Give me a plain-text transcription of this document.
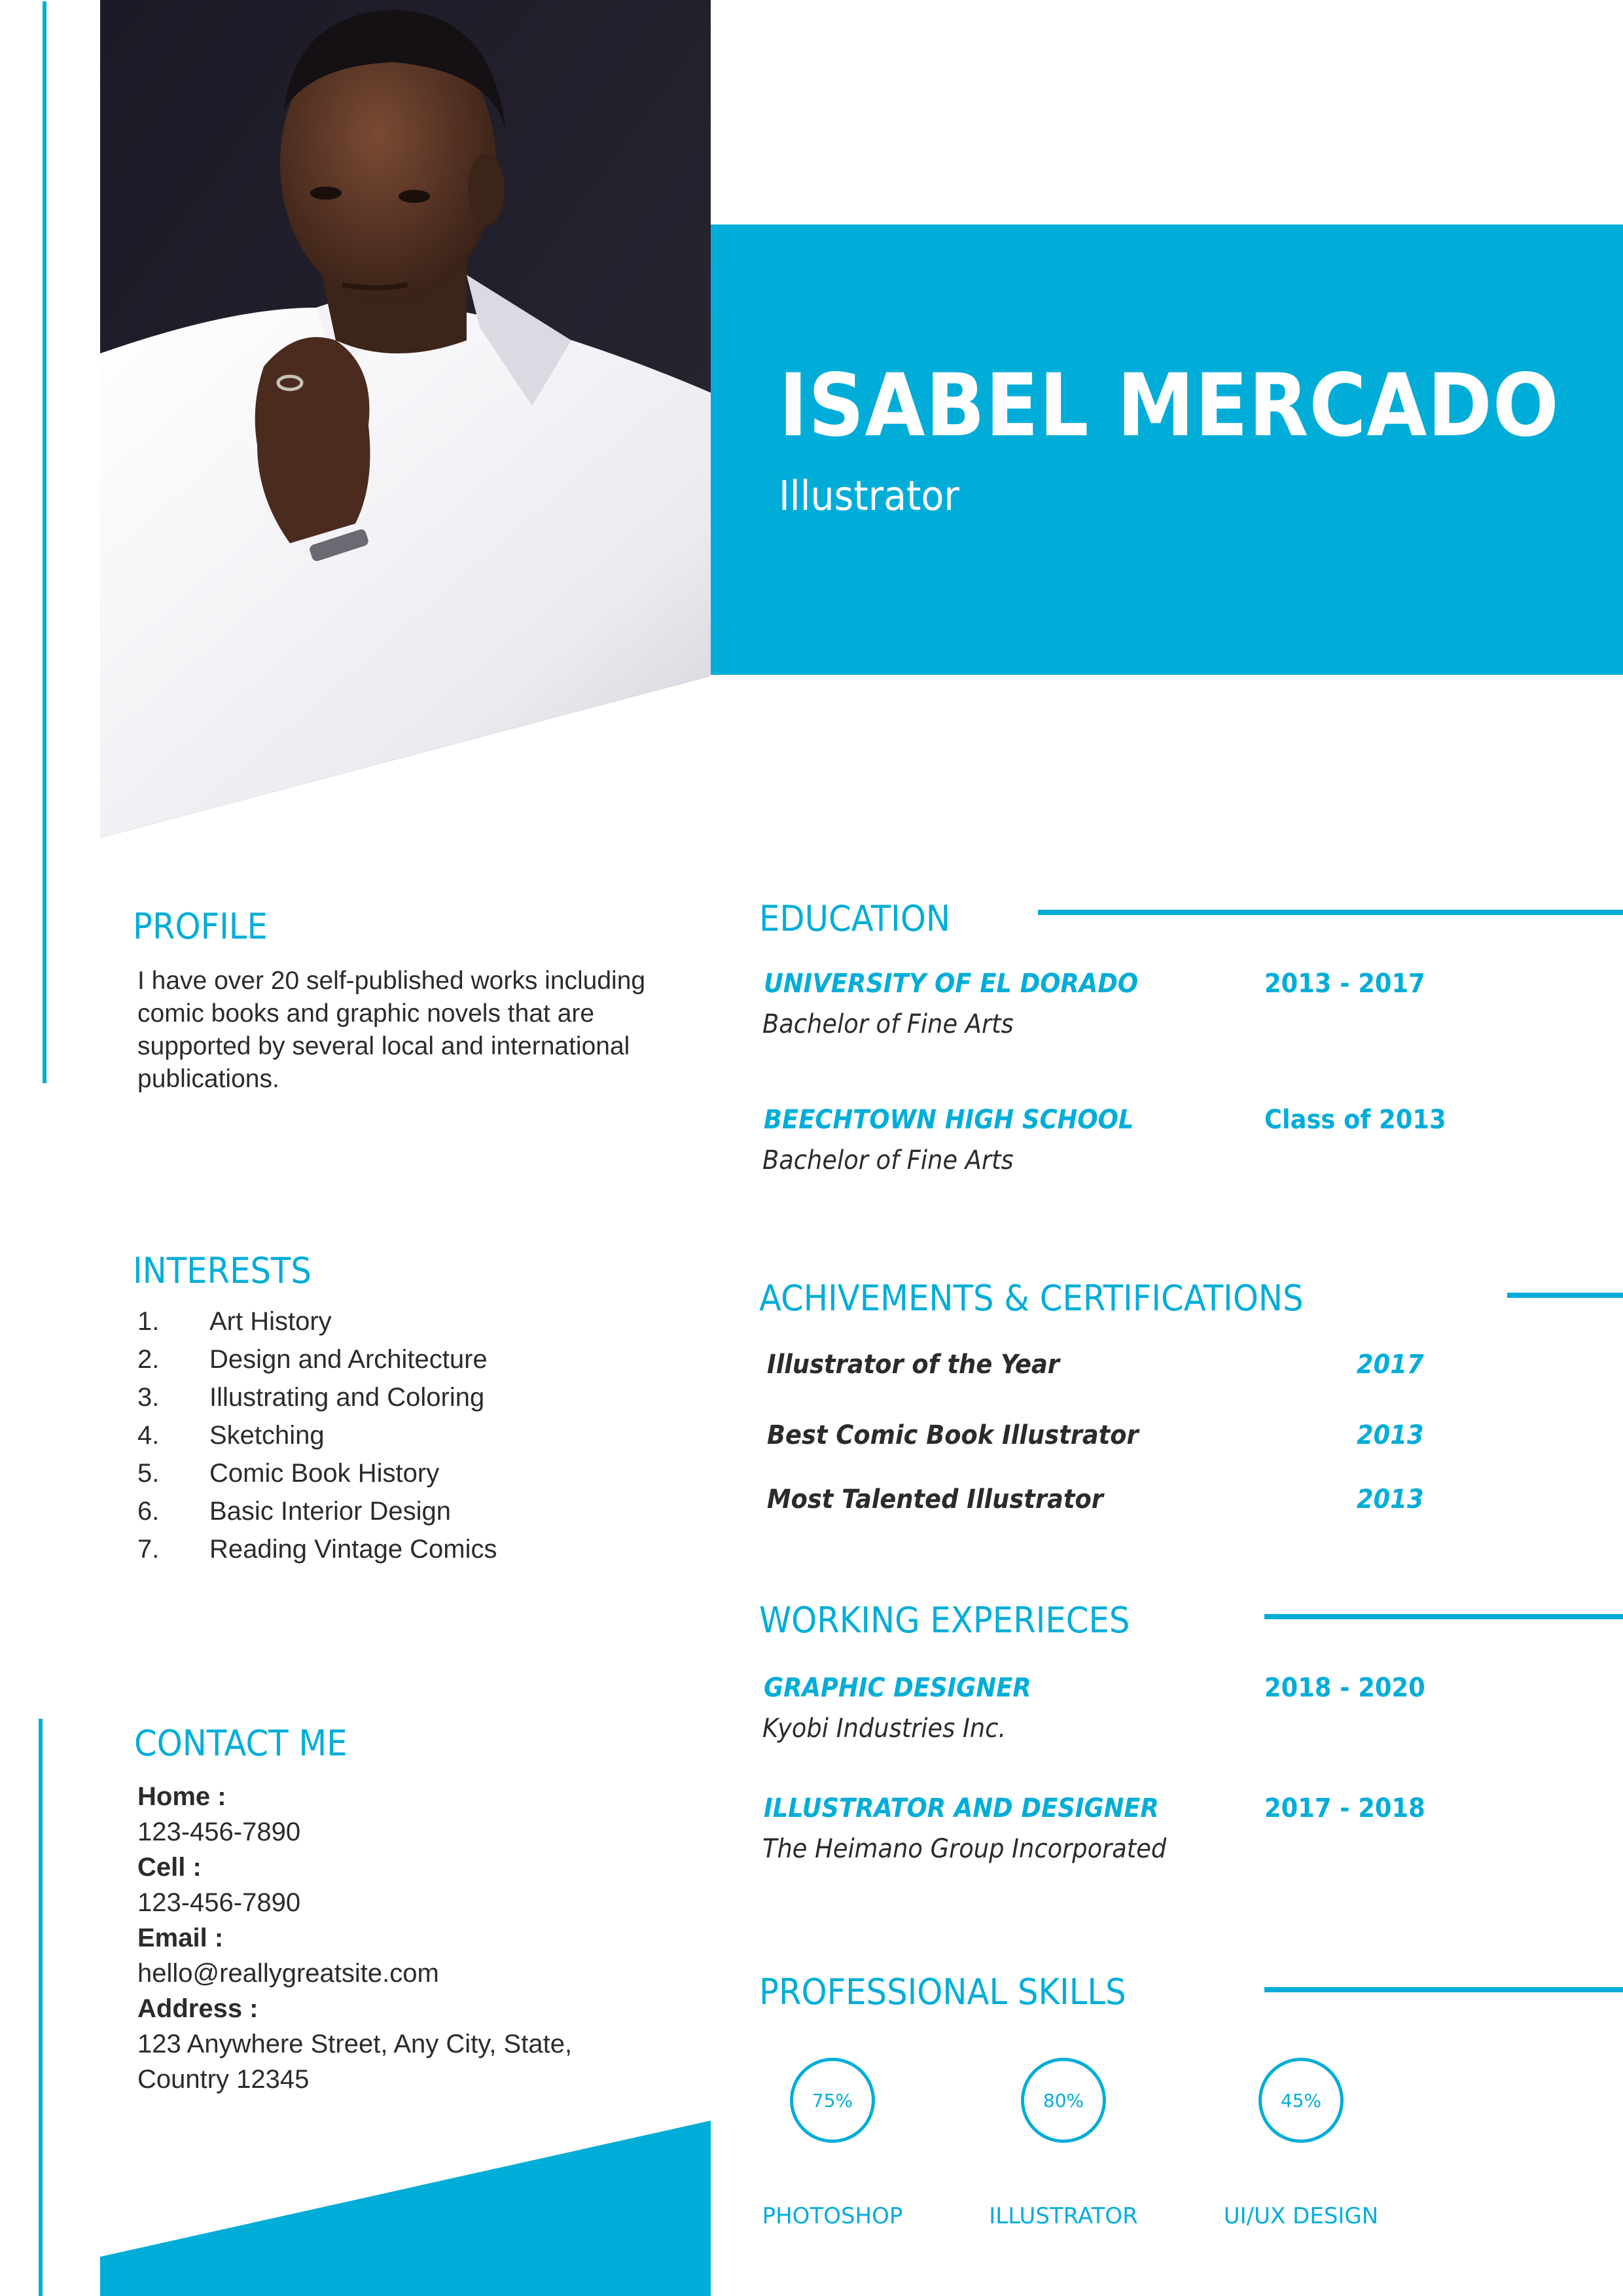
ISABEL MERCADO
Illustrator
PROFILE
I have over 20 self-published works including comic books and graphic novels that are supported by several local and international publications.
INTERESTS
1.	Art History
2.	Design and Architecture
3.	Illustrating and Coloring
4.	Sketching
5.	Comic Book History
6.	Basic Interior Design
7.	Reading Vintage Comics
CONTACT ME
Home :
123-456-7890
Cell :
123-456-7890
Email :
hello@reallygreatsite.com
Address :
123 Anywhere Street, Any City, State,
Country 12345
EDUCATION
UNIVERSITY OF EL DORADO	2013 - 2017
Bachelor of Fine Arts
BEECHTOWN HIGH SCHOOL	Class of 2013
Bachelor of Fine Arts
ACHIVEMENTS & CERTIFICATIONS
Illustrator of the Year	2017
Best Comic Book Illustrator	2013
Most Talented Illustrator	2013
WORKING EXPERIECES
GRAPHIC DESIGNER	2018 - 2020
Kyobi Industries Inc.
ILLUSTRATOR AND DESIGNER	2017 - 2018
The Heimano Group Incorporated
PROFESSIONAL SKILLS
75%
PHOTOSHOP
80%
ILLUSTRATOR
45%
UI/UX DESIGN
